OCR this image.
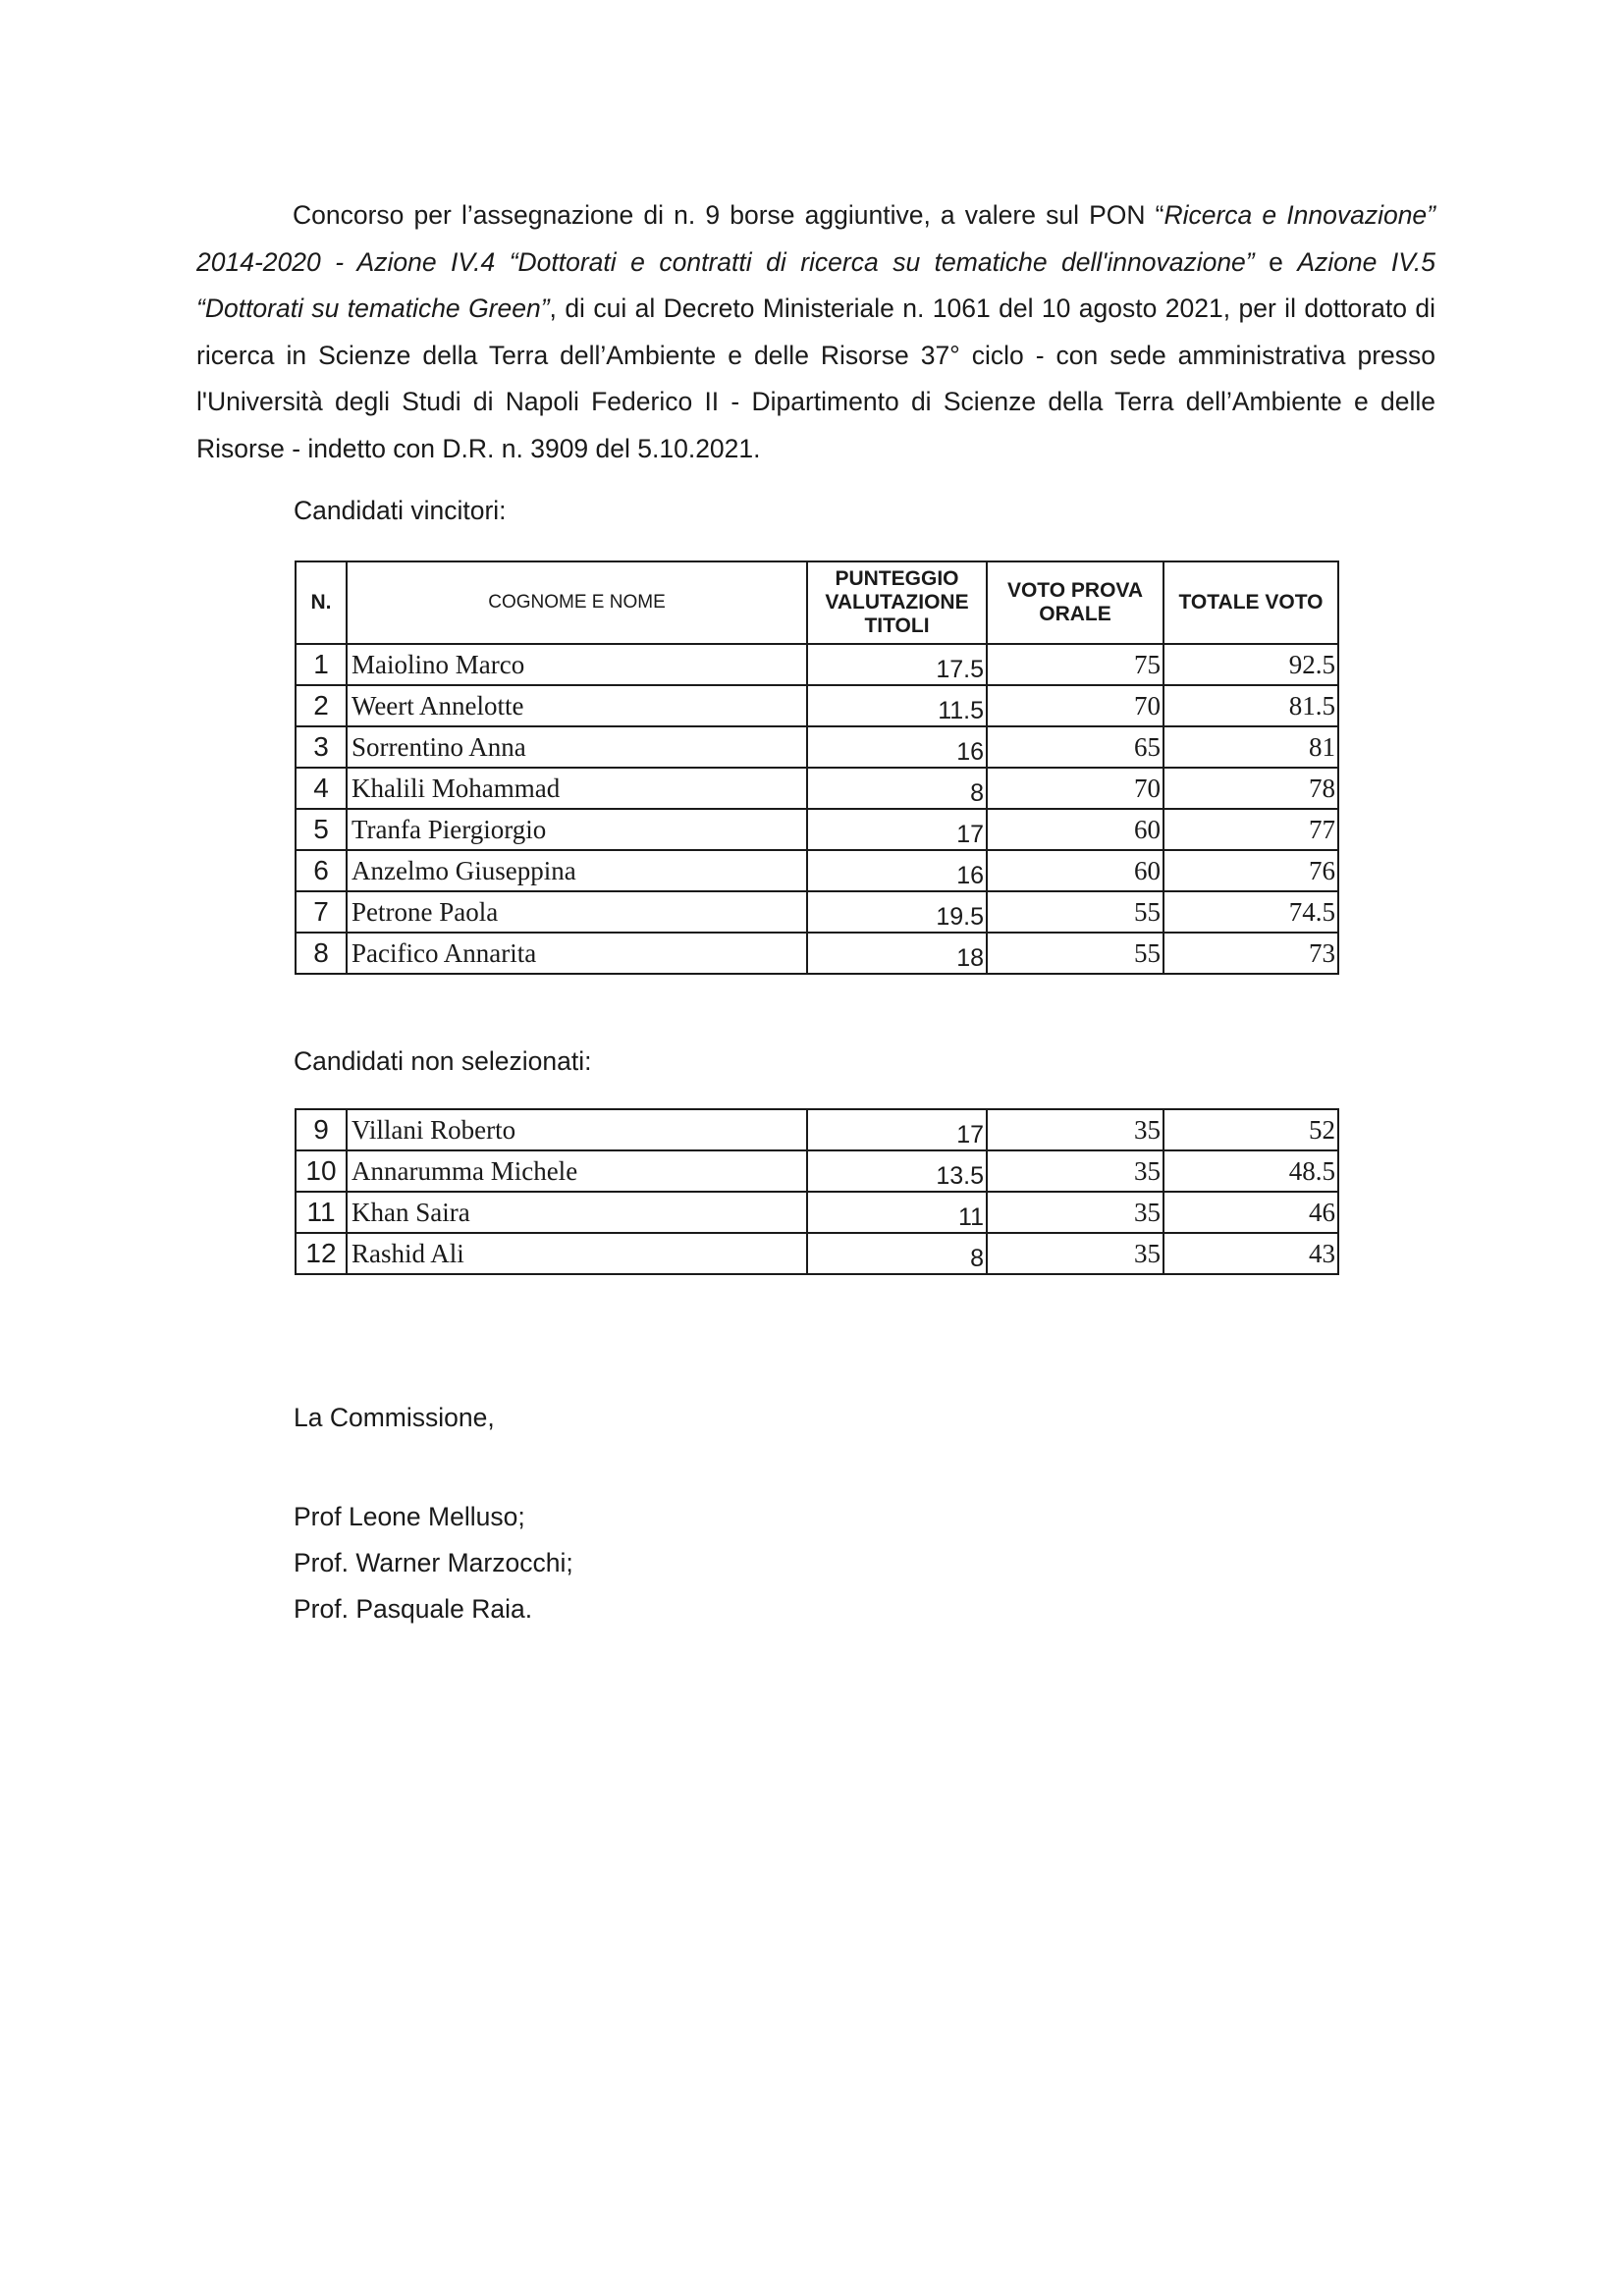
Concorso per l’assegnazione di n. 9 borse aggiuntive, a valere sul PON “Ricerca e Innovazione” 2014-2020 - Azione IV.4 “Dottorati e contratti di ricerca su tematiche dell'innovazione” e Azione IV.5 “Dottorati su tematiche Green”, di cui al Decreto Ministeriale n. 1061 del 10 agosto 2021, per il dottorato di ricerca in Scienze della Terra dell’Ambiente e delle Risorse 37° ciclo - con sede amministrativa presso l'Università degli Studi di Napoli Federico II - Dipartimento di Scienze della Terra dell’Ambiente e delle Risorse - indetto con D.R. n. 3909 del 5.10.2021.

Candidati vincitori:

N.	COGNOME E NOME	PUNTEGGIO VALUTAZIONE TITOLI	VOTO PROVA ORALE	TOTALE VOTO
1	Maiolino Marco	17.5	75	92.5
2	Weert Annelotte	11.5	70	81.5
3	Sorrentino Anna	16	65	81
4	Khalili Mohammad	8	70	78
5	Tranfa Piergiorgio	17	60	77
6	Anzelmo Giuseppina	16	60	76
7	Petrone Paola	19.5	55	74.5
8	Pacifico Annarita	18	55	73

Candidati non selezionati:

9	Villani Roberto	17	35	52
10	Annarumma Michele	13.5	35	48.5
11	Khan Saira	11	35	46
12	Rashid Ali	8	35	43

La Commissione,

Prof Leone Melluso;
Prof. Warner Marzocchi;
Prof. Pasquale Raia.
